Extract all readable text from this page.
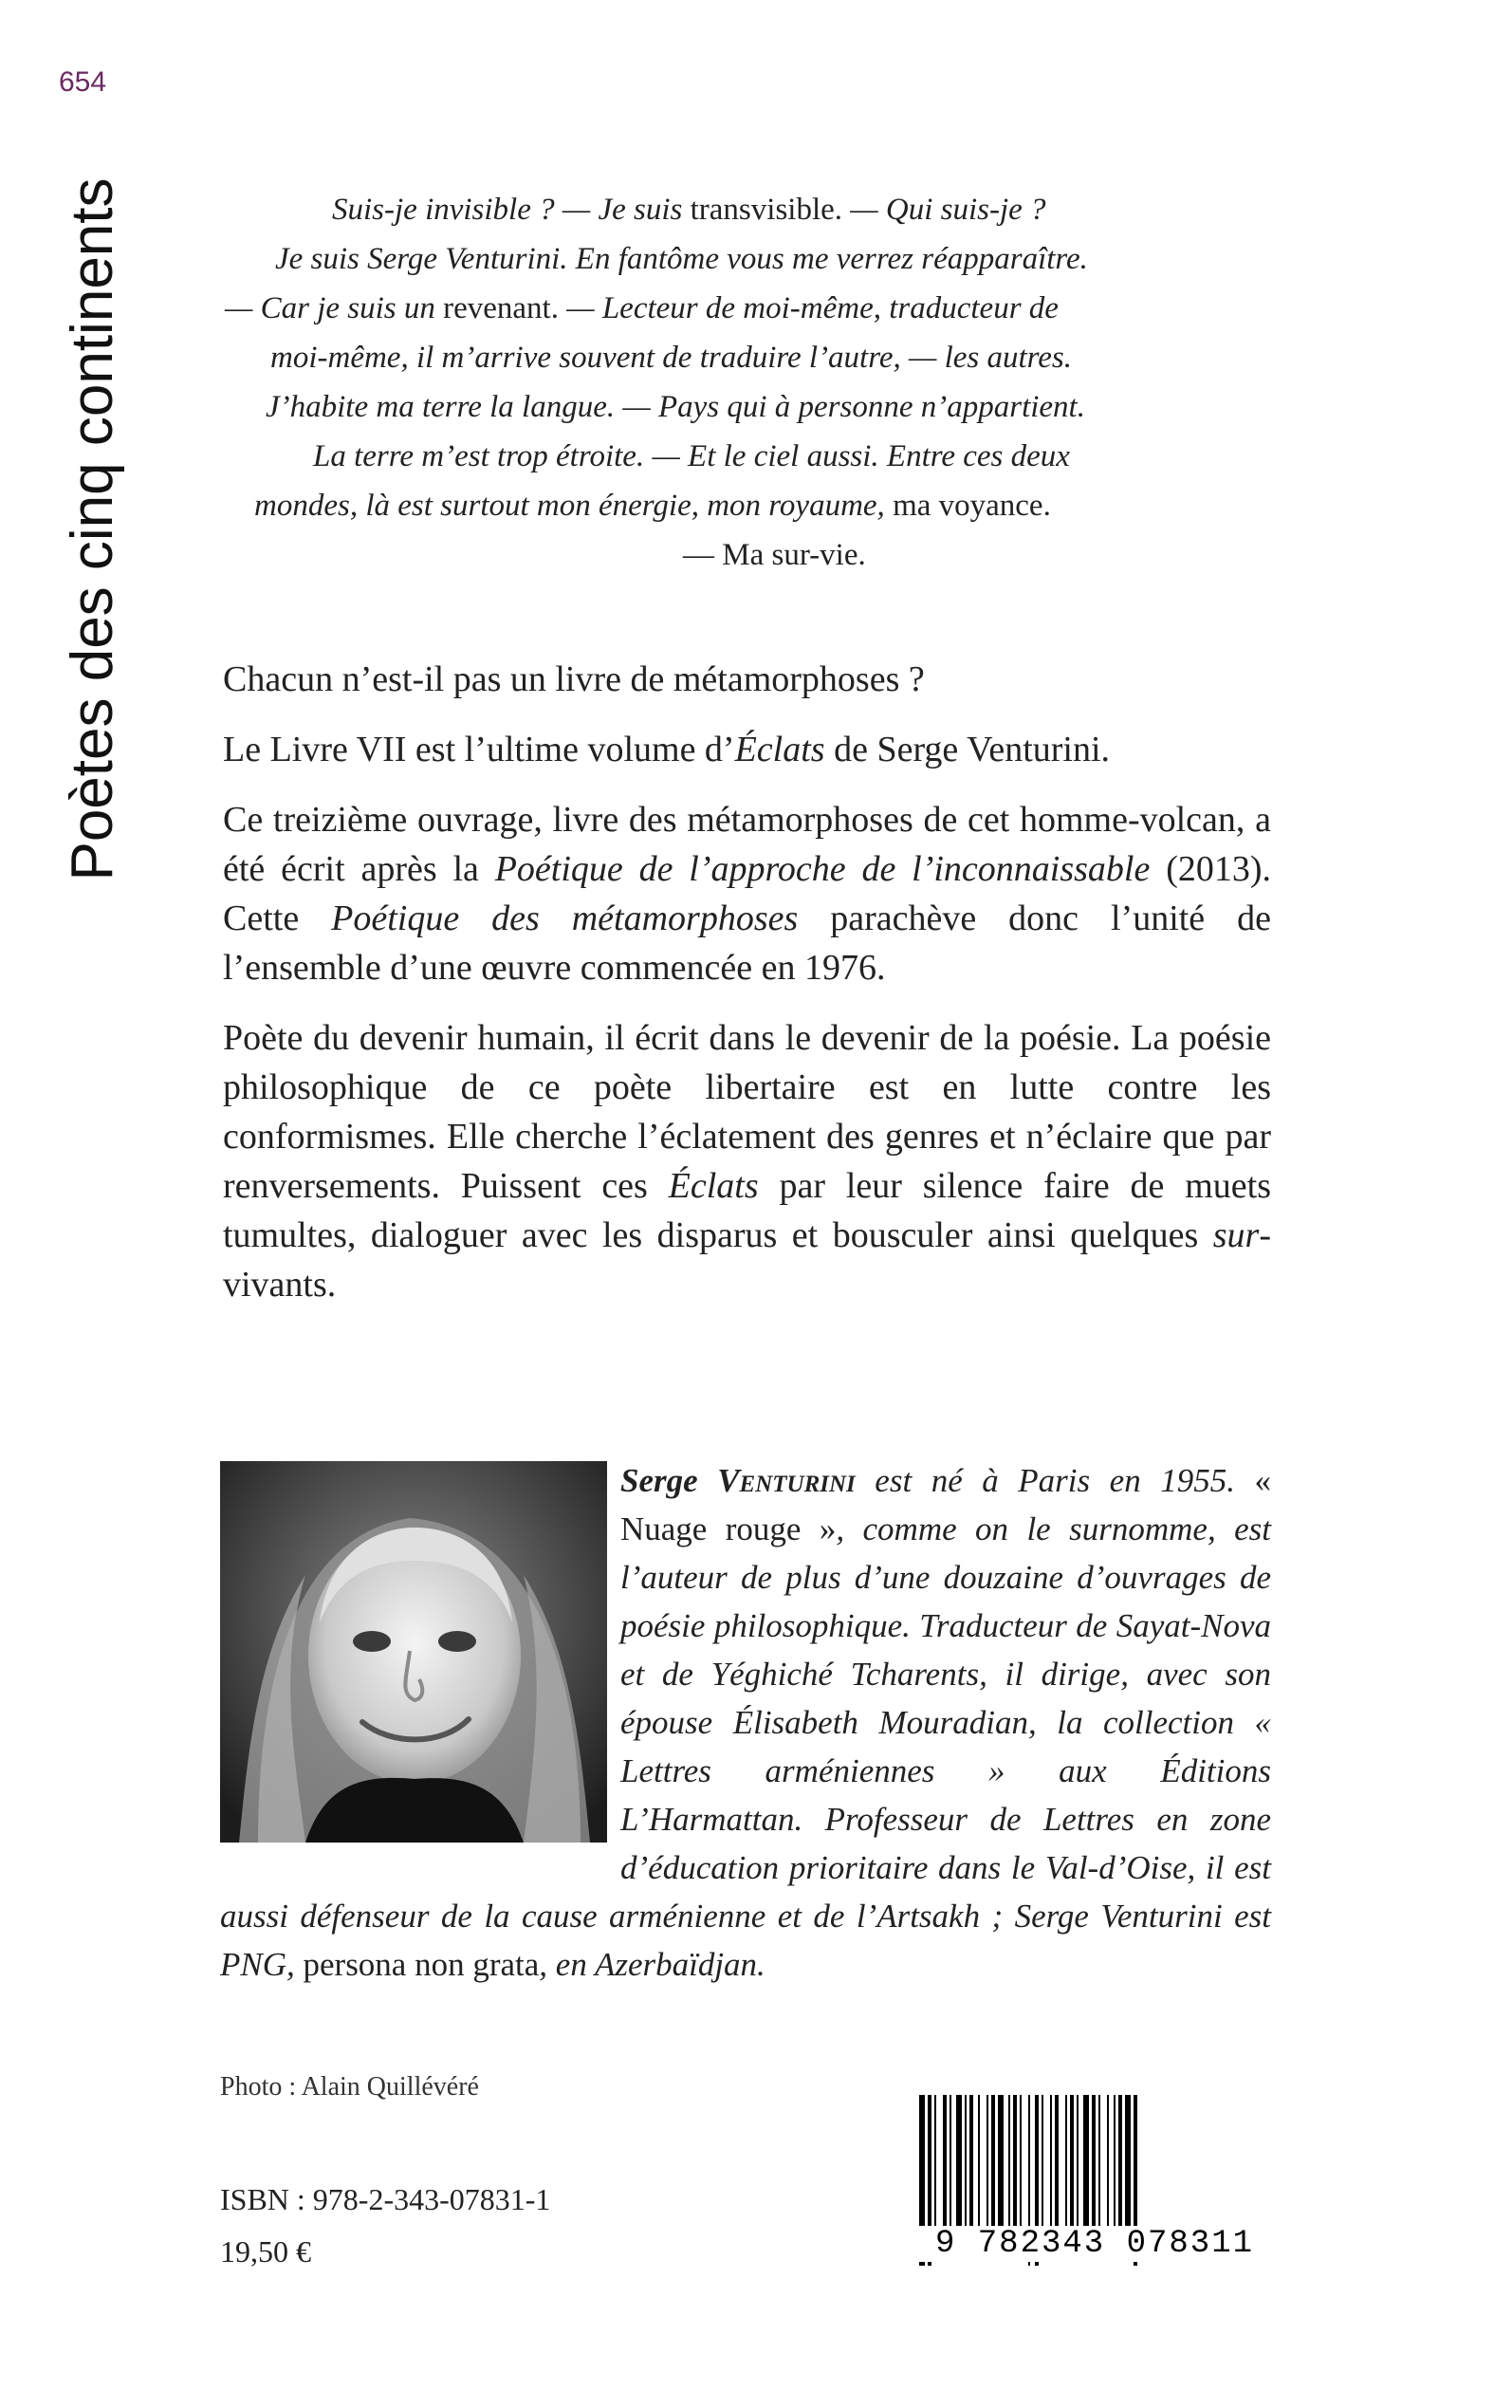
654
Poètes des cinq continents	Suis-je invisible ? — Je suis transvisible. — Qui suis-je ?
Je suis Serge Venturini. En fantôme vous me verrez réapparaître.
— Car je suis un revenant. — Lecteur de moi-même, traducteur de
moi-même, il m’arrive souvent de traduire l’autre, — les autres.
J’habite ma terre la langue. — Pays qui à personne n’appartient.
La terre m’est trop étroite. — Et le ciel aussi. Entre ces deux
mondes, là est surtout mon énergie, mon royaume, ma voyance.
— Ma sur-vie.

Chacun n’est-il pas un livre de métamorphoses ?

Le Livre VII est l’ultime volume d’Éclats de Serge Venturini.

Ce treizième ouvrage, livre des métamorphoses de cet homme-volcan, a été écrit après la Poétique de l’approche de l’inconnaissable (2013). Cette Poétique des métamorphoses parachève donc l’unité de l’ensemble d’une œuvre commencée en 1976.

Poète du devenir humain, il écrit dans le devenir de la poésie. La poésie philosophique de ce poète libertaire est en lutte contre les conformismes. Elle cherche l’éclatement des genres et n’éclaire que par renversements. Puissent ces Éclats par leur silence faire de muets tumultes, dialoguer avec les disparus et bousculer ainsi quelques sur-vivants.

Serge Venturini est né à Paris en 1955. « Nuage rouge », comme on le surnomme, est l’auteur de plus d’une douzaine d’ouvrages de poésie philosophique. Traducteur de Sayat-Nova et de Yéghiché Tcharents, il dirige, avec son épouse Élisabeth Mouradian, la collection « Lettres arméniennes » aux Éditions L’Harmattan. Professeur de Lettres en zone d’éducation prioritaire dans le Val-d’Oise, il est aussi défenseur de la cause arménienne et de l’Artsakh ; Serge Venturini est PNG, persona non grata, en Azerbaïdjan.
Photo : Alain Quillévéré
ISBN : 978-2-343-07831-1
19,50 €	9 782343 078311
